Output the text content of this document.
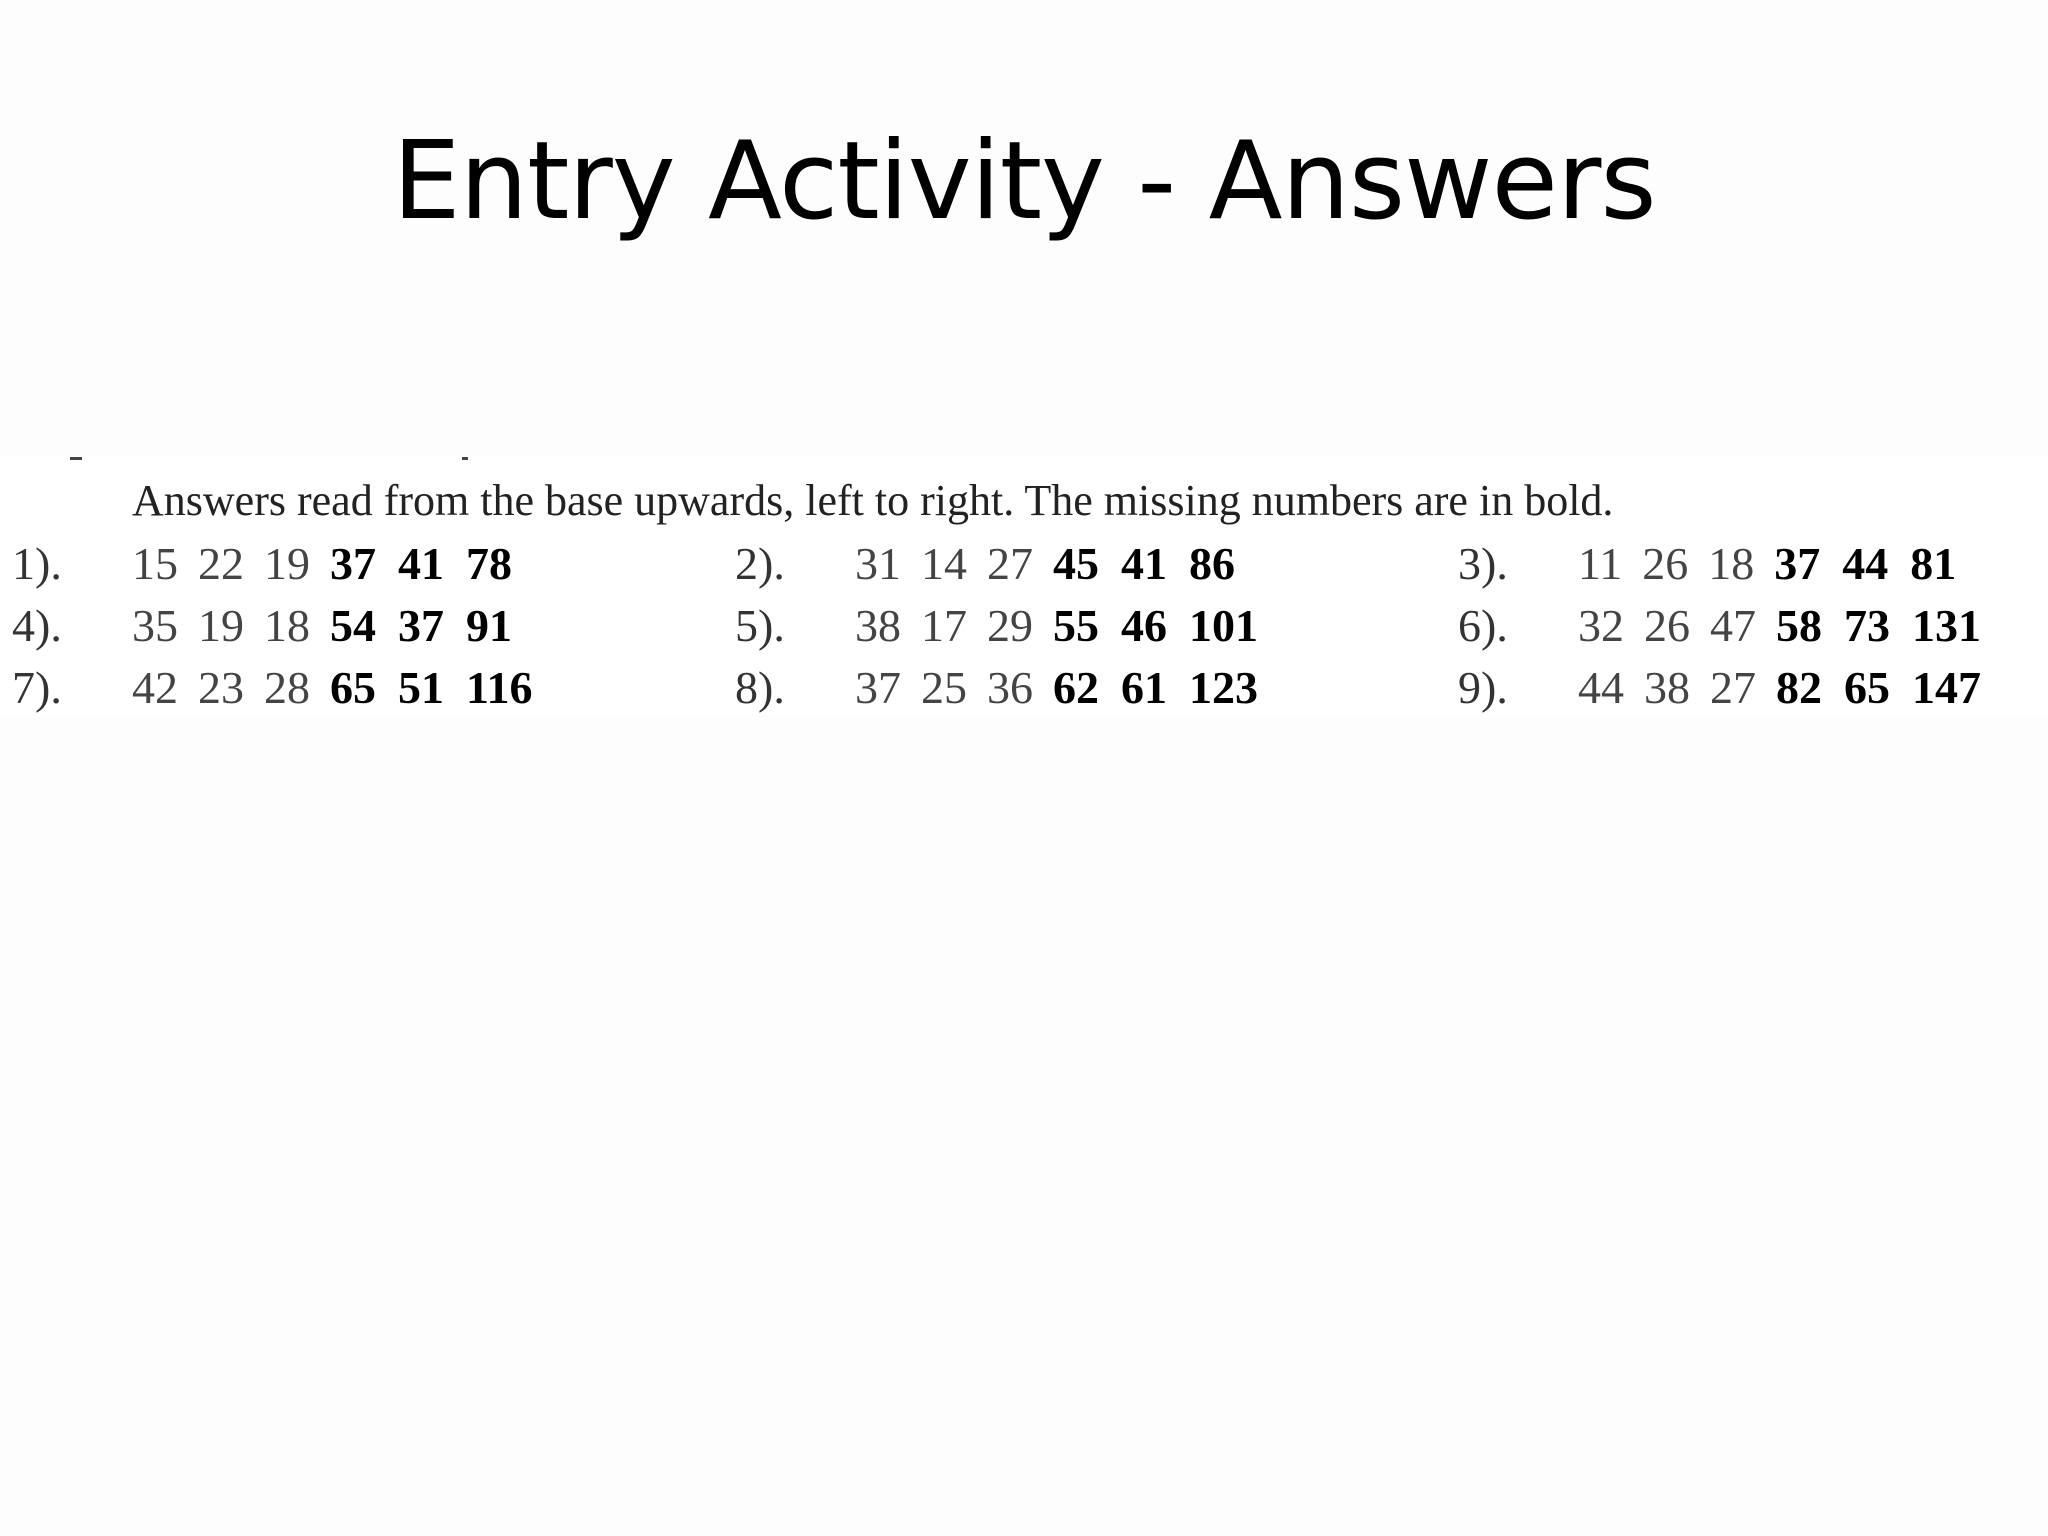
Entry Activity - Answers
Answers read from the base upwards, left to right. The missing numbers are in bold.
1). 15 22 19 37 41 78	2). 31 14 27 45 41 86	3). 11 26 18 37 44 81
4). 35 19 18 54 37 91	5). 38 17 29 55 46 101	6). 32 26 47 58 73 131
7). 42 23 28 65 51 116	8). 37 25 36 62 61 123	9). 44 38 27 82 65 147
